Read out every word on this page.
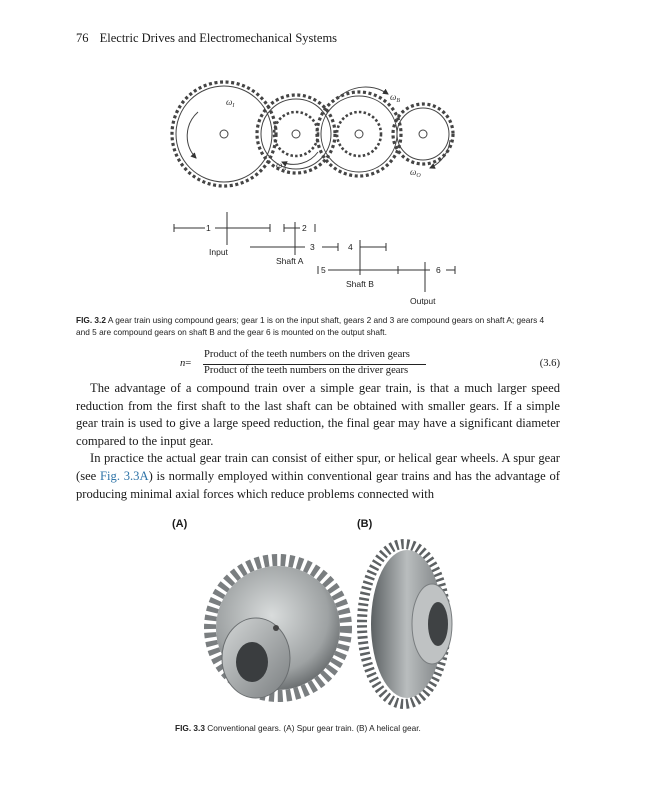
76 Electric Drives and Electromechanical Systems
$\omega_I$
$\omega_A$
$\omega_B$
$\omega_O$
1	2
3	4
5	6
Input
Shaft A
Shaft B
Output
FIG. 3.2 A gear train using compound gears; gear 1 is on the input shaft, gears 2 and 3 are compound gears on shaft A; gears 4 and 5 are compound gears on shaft B and the gear 6 is mounted on the output shaft.
n=
Product of the teeth numbers on the driven gears
Product of the teeth numbers on the driver gears
(3.6)

The advantage of a compound train over a simple gear train, is that a much larger speed reduction from the first shaft to the last shaft can be obtained with smaller gears. If a simple gear train is used to give a large speed reduction, the final gear may have a significant diameter compared to the input gear.

In practice the actual gear train can consist of either spur, or helical gear wheels. A spur gear (see Fig. 3.3A) is normally employed within conventional gear trains and has the advantage of producing minimal axial forces which reduce problems connected with

(A)	(B)
FIG. 3.3 Conventional gears. (A) Spur gear train. (B) A helical gear.
